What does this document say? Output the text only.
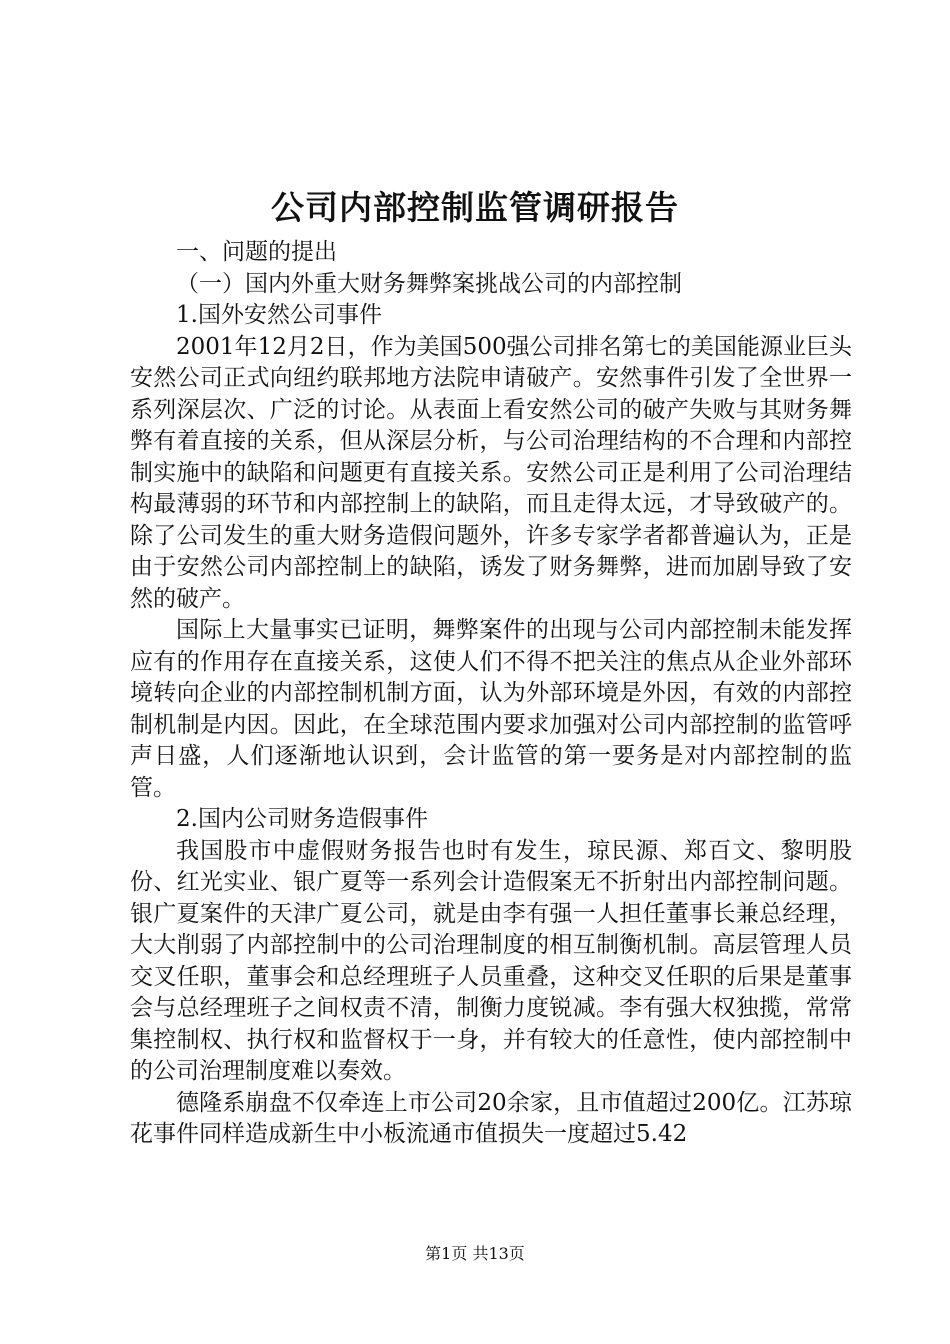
公司内部控制监管调研报告

一、问题的提出

（一）国内外重大财务舞弊案挑战公司的内部控制

1.国外安然公司事件

2001年12月2日，作为美国500强公司排名第七的美国能源业巨头安然公司正式向纽约联邦地方法院申请破产。安然事件引发了全世界一系列深层次、广泛的讨论。从表面上看安然公司的破产失败与其财务舞弊有着直接的关系，但从深层分析，与公司治理结构的不合理和内部控制实施中的缺陷和问题更有直接关系。安然公司正是利用了公司治理结构最薄弱的环节和内部控制上的缺陷，而且走得太远，才导致破产的。除了公司发生的重大财务造假问题外，许多专家学者都普遍认为，正是由于安然公司内部控制上的缺陷，诱发了财务舞弊，进而加剧导致了安然的破产。

国际上大量事实已证明，舞弊案件的出现与公司内部控制未能发挥应有的作用存在直接关系，这使人们不得不把关注的焦点从企业外部环境转向企业的内部控制机制方面，认为外部环境是外因，有效的内部控制机制是内因。因此，在全球范围内要求加强对公司内部控制的监管呼声日盛，人们逐渐地认识到，会计监管的第一要务是对内部控制的监管。

2.国内公司财务造假事件

我国股市中虚假财务报告也时有发生，琼民源、郑百文、黎明股份、红光实业、银广夏等一系列会计造假案无不折射出内部控制问题。银广夏案件的天津广夏公司，就是由李有强一人担任董事长兼总经理，大大削弱了内部控制中的公司治理制度的相互制衡机制。高层管理人员交叉任职，董事会和总经理班子人员重叠，这种交叉任职的后果是董事会与总经理班子之间权责不清，制衡力度锐减。李有强大权独揽，常常集控制权、执行权和监督权于一身，并有较大的任意性，使内部控制中的公司治理制度难以奏效。

德隆系崩盘不仅牵连上市公司20余家，且市值超过200亿。江苏琼花事件同样造成新生中小板流通市值损失一度超过5.42

第1页 共13页
